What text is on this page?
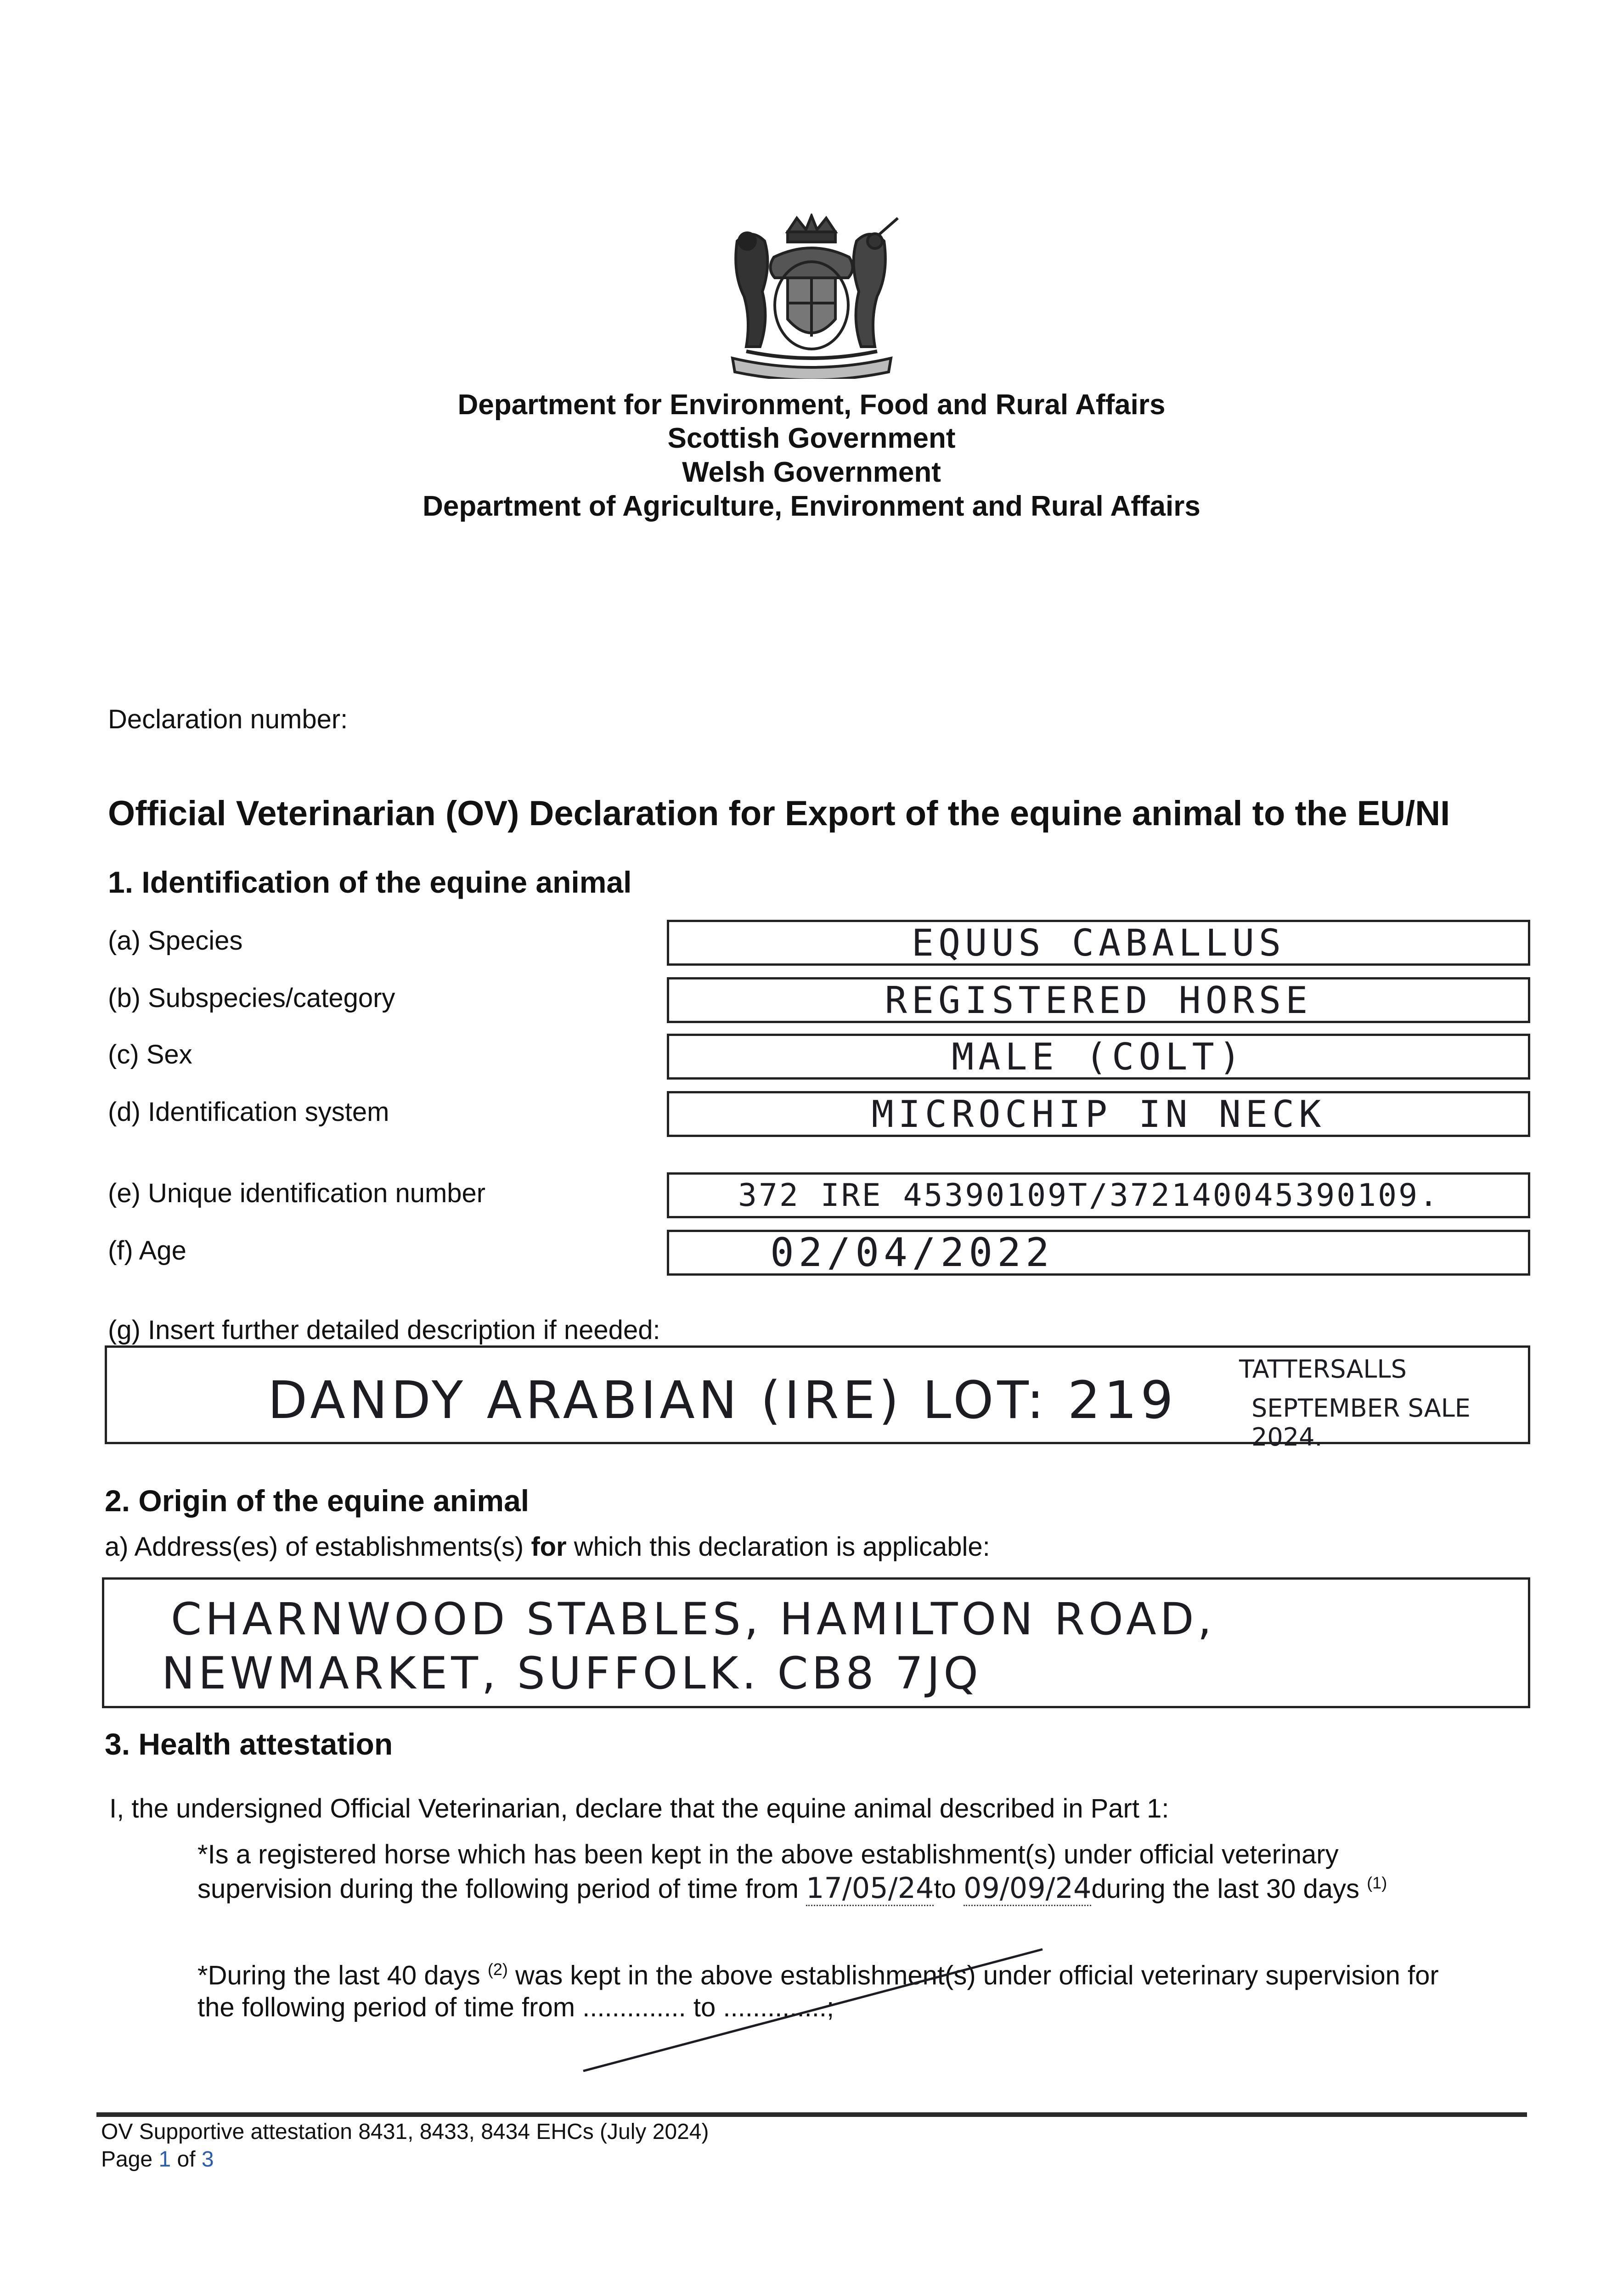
Department for Environment, Food and Rural Affairs
Scottish Government
Welsh Government
Department of Agriculture, Environment and Rural Affairs
Declaration number:
Official Veterinarian (OV) Declaration for Export of the equine animal to the EU/NI
1. Identification of the equine animal
(a) Species	EQUUS CABALLUS
(b) Subspecies/category	REGISTERED HORSE
(c) Sex	MALE (COLT)
(d) Identification system	MICROCHIP IN NECK
(e) Unique identification number	372 IRE 45390109T/372140045390109.
(f) Age	02/04/2022
(g) Insert further detailed description if needed:
DANDY ARABIAN (IRE) LOT: 219
TATTERSALLS
SEPTEMBER SALE 2024.
2. Origin of the equine animal
a) Address(es) of establishments(s) for which this declaration is applicable:
CHARNWOOD STABLES, HAMILTON ROAD,
NEWMARKET, SUFFOLK. CB8 7JQ
3. Health attestation
I, the undersigned Official Veterinarian, declare that the equine animal described in Part 1:
*Is a registered horse which has been kept in the above establishment(s) under official veterinary
supervision during the following period of time from 17/05/24to 09/09/24during the last 30 days $^{(1)}$
*During the last 40 days $^{(2)}$ was kept in the above establishment(s) under official veterinary supervision for
the following period of time from .............. to ..............;
OV Supportive attestation 8431, 8433, 8434 EHCs (July 2024)
Page 1 of 3
